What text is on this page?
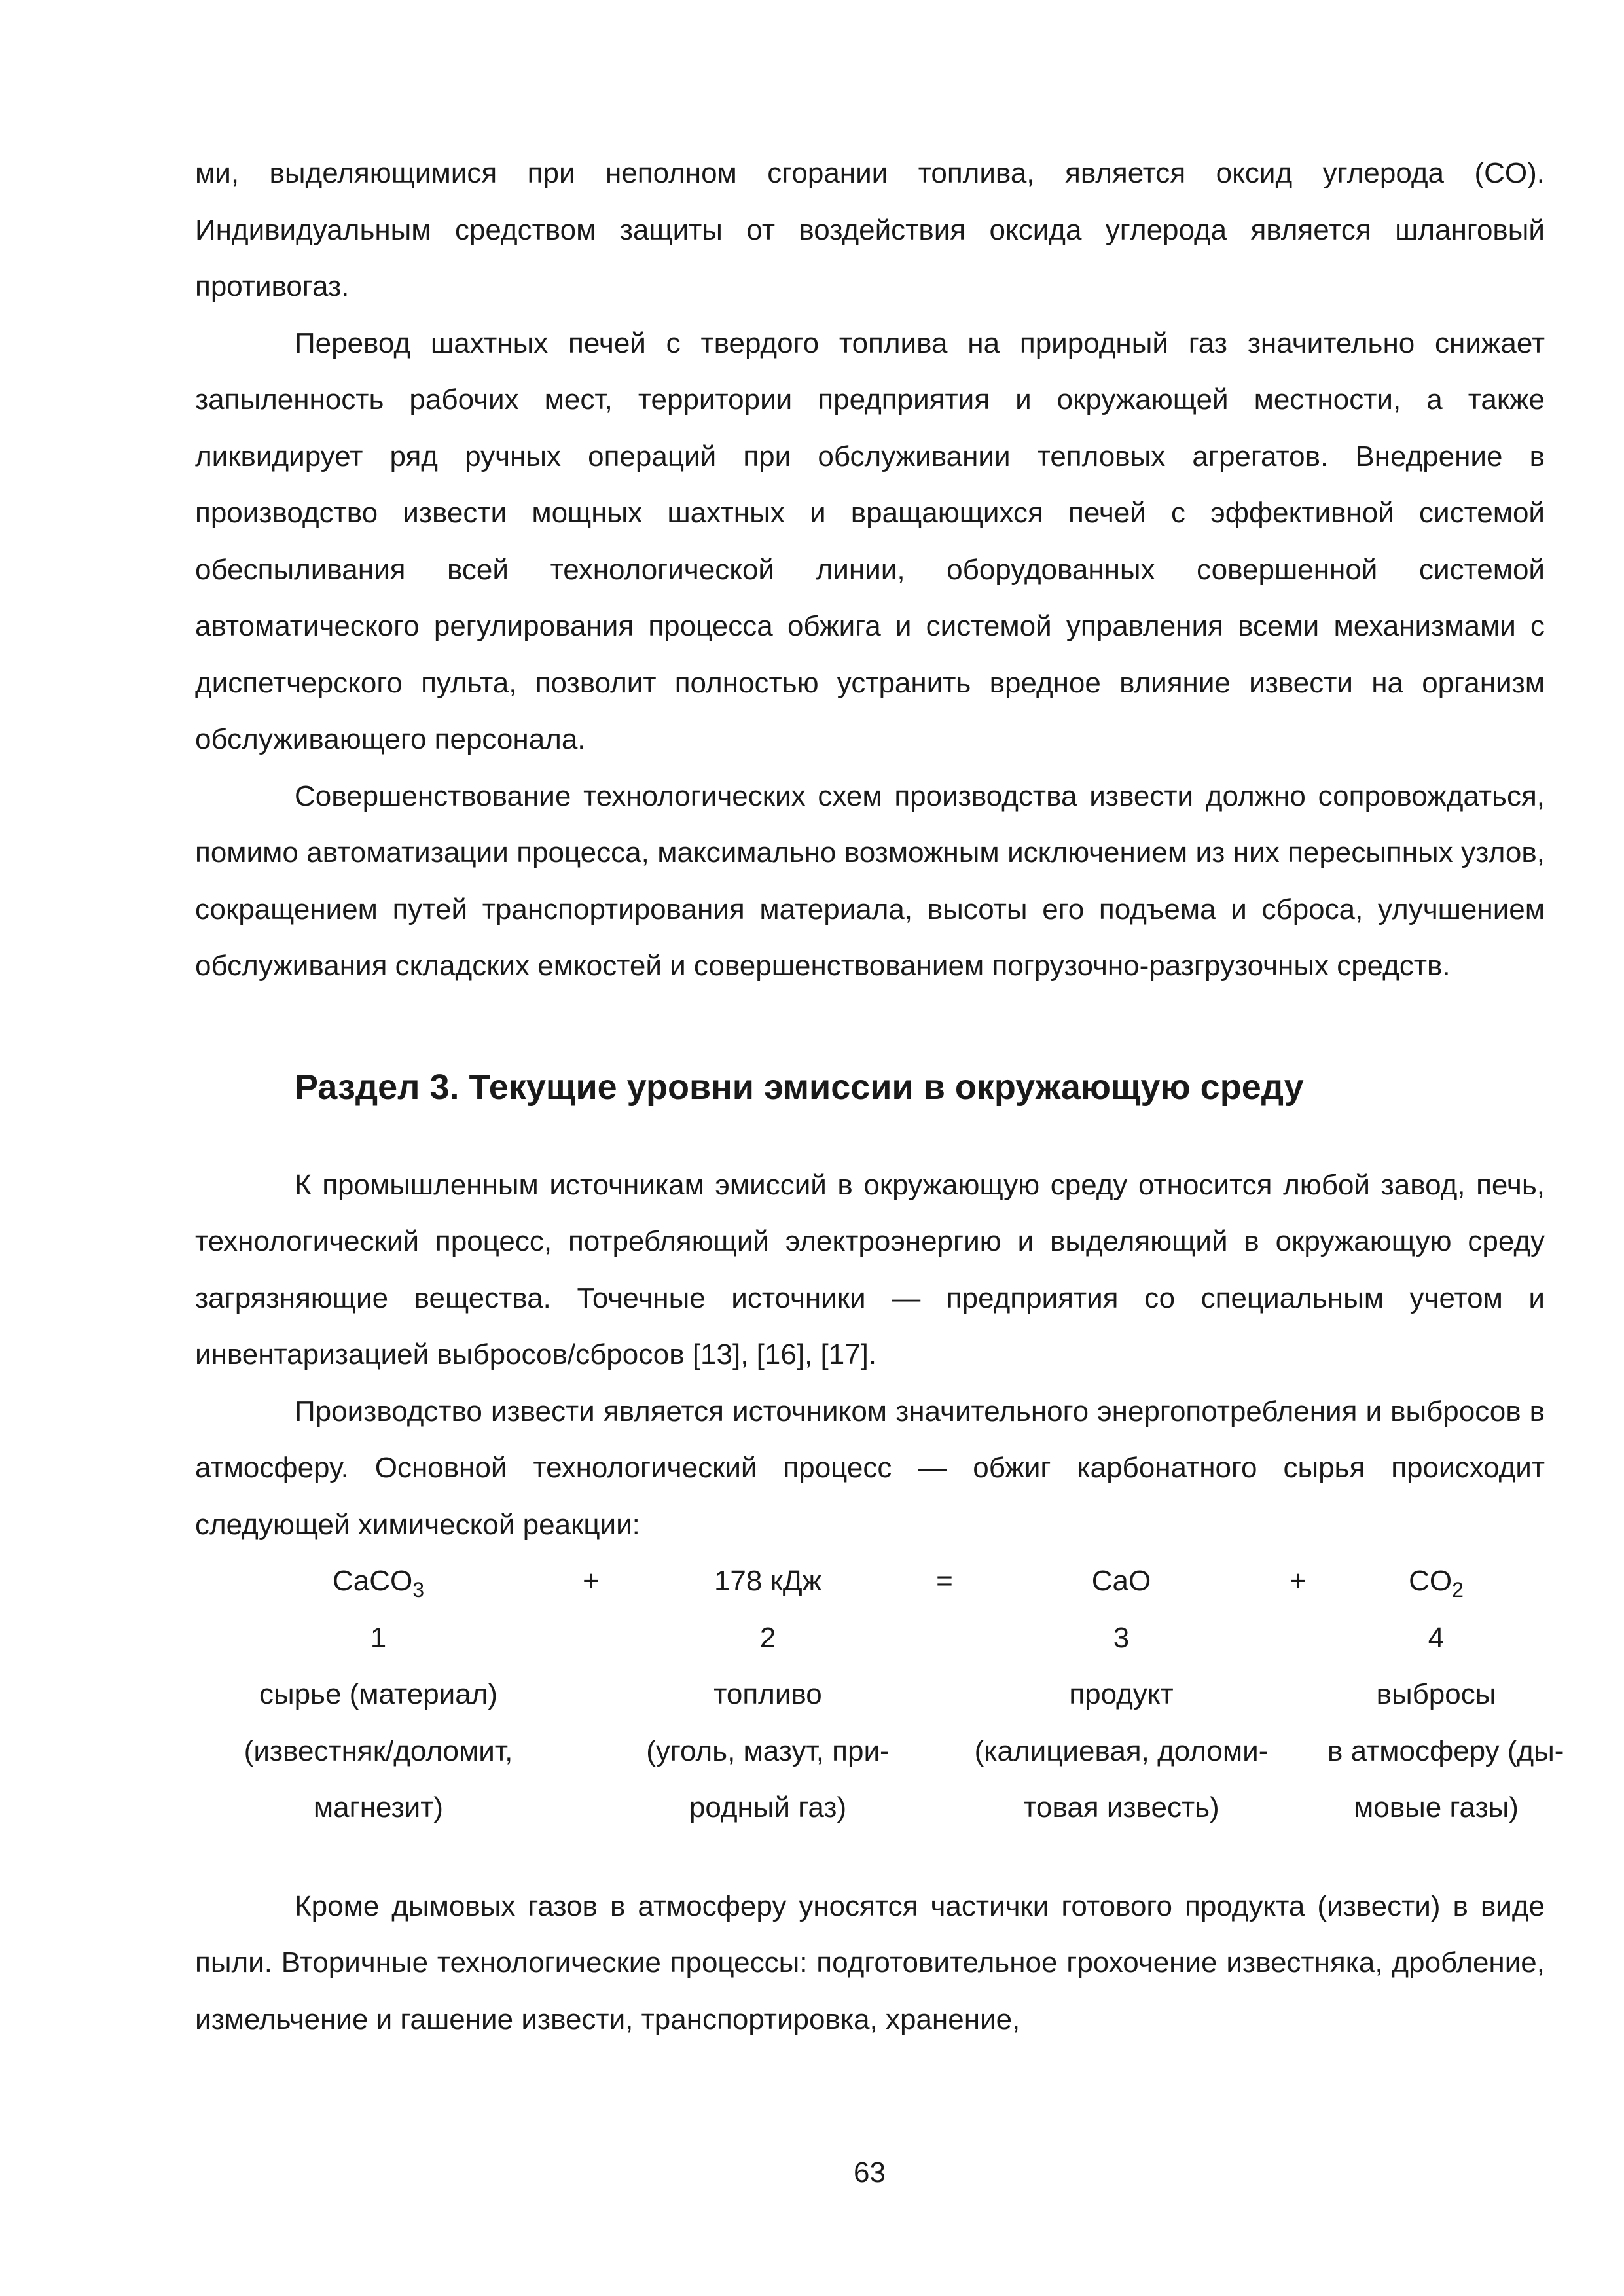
ми, выделяющимися при неполном сгорании топлива, является оксид углерода (CO). Индивидуальным средством защиты от воздействия оксида углерода является шланговый противогаз.

Перевод шахтных печей с твердого топлива на природный газ значительно снижает запыленность рабочих мест, территории предприятия и окружающей местности, а также ликвидирует ряд ручных операций при обслуживании тепловых агрегатов. Внедрение в производство извести мощных шахтных и вращающихся печей с эффективной системой обеспыливания всей технологической линии, оборудованных совершенной системой автоматического регулирования процесса обжига и системой управления всеми механизмами с диспетчерского пульта, позволит полностью устранить вредное влияние извести на организм обслуживающего персонала.

Совершенствование технологических схем производства извести должно сопровождаться, помимо автоматизации процесса, максимально возможным исключением из них пересыпных узлов, сокращением путей транспортирования материала, высоты его подъема и сброса, улучшением обслуживания складских емкостей и совершенствованием погрузочно-разгрузочных средств.

Раздел 3. Текущие уровни эмиссии в окружающую среду

К промышленным источникам эмиссий в окружающую среду относится любой завод, печь, технологический процесс, потребляющий электроэнергию и выделяющий в окружающую среду загрязняющие вещества. Точечные источники — предприятия со специальным учетом и инвентаризацией выбросов/сбросов [13], [16], [17].

Производство извести является источником значительного энергопотребления и выбросов в атмосферу. Основной технологический процесс — обжиг карбонатного сырья происходит следующей химической реакции:

CaCO$_3$	+	178 кДж	=	CaO	+	$CO_2$
1		2		3		4
сырье (материал)		топливо		продукт		выбросы
(известняк/доломит,		(уголь, мазут, при-		(калициевая, доломи-		в атмосферу (ды-
магнезит)		родный газ)		товая известь)		мовые газы)

Кроме дымовых газов в атмосферу уносятся частички готового продукта (извести) в виде пыли. Вторичные технологические процессы: подготовительное грохочение известняка, дробление, измельчение и гашение извести, транспортировка, хранение,

63
